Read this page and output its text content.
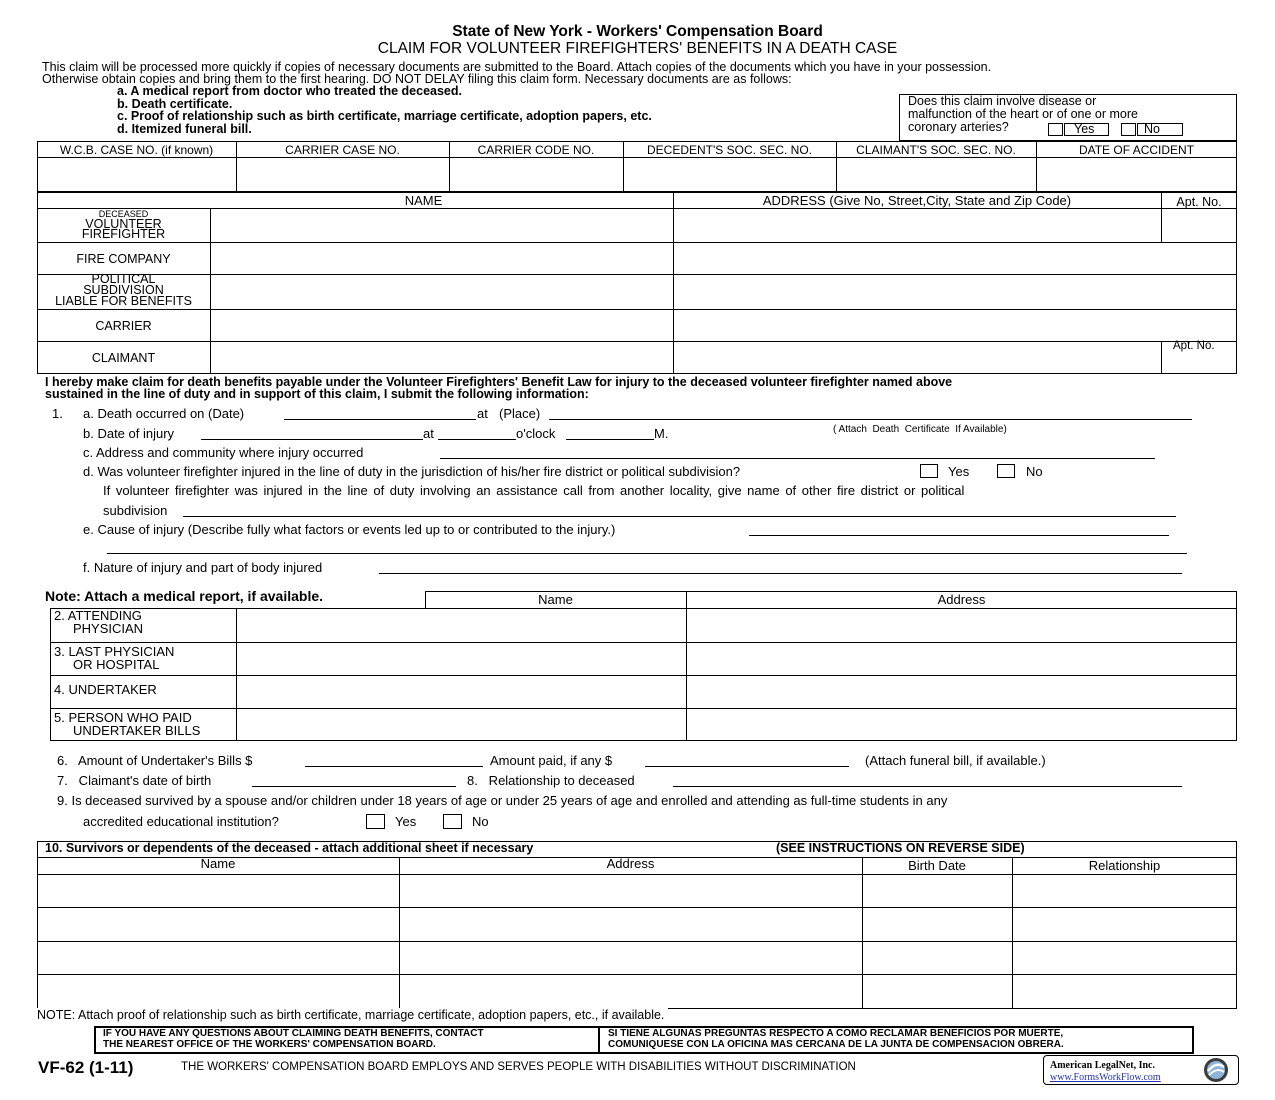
State of New York - Workers' Compensation Board
CLAIM FOR VOLUNTEER FIREFIGHTERS' BENEFITS IN A DEATH CASE
This claim will be processed more quickly if copies of necessary documents are submitted to the Board. Attach copies of the documents which you have in your possession.
Otherwise obtain copies and bring them to the first hearing. DO NOT DELAY filing this claim form. Necessary documents are as follows:
a. A medical report from doctor who treated the deceased.
b. Death certificate.
c. Proof of relationship such as birth certificate, marriage certificate, adoption papers, etc.
d. Itemized funeral bill.
Does this claim involve disease or
malfunction of the heart or of one or more
coronary arteries?	Yes	No
W.C.B. CASE NO. (if known)	CARRIER CASE NO.	CARRIER CODE NO.	DECEDENT'S SOC. SEC. NO.	CLAIMANT'S SOC. SEC. NO.	DATE OF ACCIDENT
NAME	ADDRESS (Give No, Street,City, State and Zip Code)	Apt. No.
DECEASED
VOLUNTEER
FIREFIGHTER
FIRE COMPANY
POLITICAL
SUBDIVISION
LIABLE FOR BENEFITS
CARRIER
CLAIMANT
Apt. No.
I hereby make claim for death benefits payable under the Volunteer Firefighters' Benefit Law for injury to the deceased volunteer firefighter named above
sustained in the line of duty and in support of this claim, I submit the following information:
1. a. Death occurred on (Date)	at (Place)
b. Date of injury	at	o'clock	M.	( Attach  Death  Certificate  If Available)
c. Address and community where injury occurred
d. Was volunteer firefighter injured in the line of duty in the jurisdiction of his/her fire district or political subdivision?	Yes	No
If volunteer firefighter was injured in the line of duty involving an assistance call from another locality, give name of other fire district or political
subdivision
e. Cause of injury (Describe fully what factors or events led up to or contributed to the injury.)
f. Nature of injury and part of body injured
Note: Attach a medical report, if available.	Name	Address
2. ATTENDING
PHYSICIAN
3. LAST PHYSICIAN
OR HOSPITAL
4. UNDERTAKER
5. PERSON WHO PAID
UNDERTAKER BILLS
6.   Amount of Undertaker's Bills $	Amount paid, if any $	(Attach funeral bill, if available.)
7.   Claimant's date of birth	8.   Relationship to deceased
9. Is deceased survived by a spouse and/or children under 18 years of age or under 25 years of age and enrolled and attending as full-time students in any
accredited educational institution?	Yes	No
10. Survivors or dependents of the deceased - attach additional sheet if necessary	(SEE INSTRUCTIONS ON REVERSE SIDE)
Name	Address	Birth Date	Relationship
NOTE: Attach proof of relationship such as birth certificate, marriage certificate, adoption papers, etc., if available.
IF YOU HAVE ANY QUESTIONS ABOUT CLAIMING DEATH BENEFITS, CONTACT
THE NEAREST OFFICE OF THE WORKERS' COMPENSATION BOARD.
SI TIENE ALGUNAS PREGUNTAS RESPECTO A COMO RECLAMAR BENEFICIOS POR MUERTE,
COMUNIQUESE CON LA OFICINA MAS CERCANA DE LA JUNTA DE COMPENSACION OBRERA.
VF-62 (1-11)	THE WORKERS' COMPENSATION BOARD EMPLOYS AND SERVES PEOPLE WITH DISABILITIES WITHOUT DISCRIMINATION	American LegalNet, Inc.
www.FormsWorkFlow.com
